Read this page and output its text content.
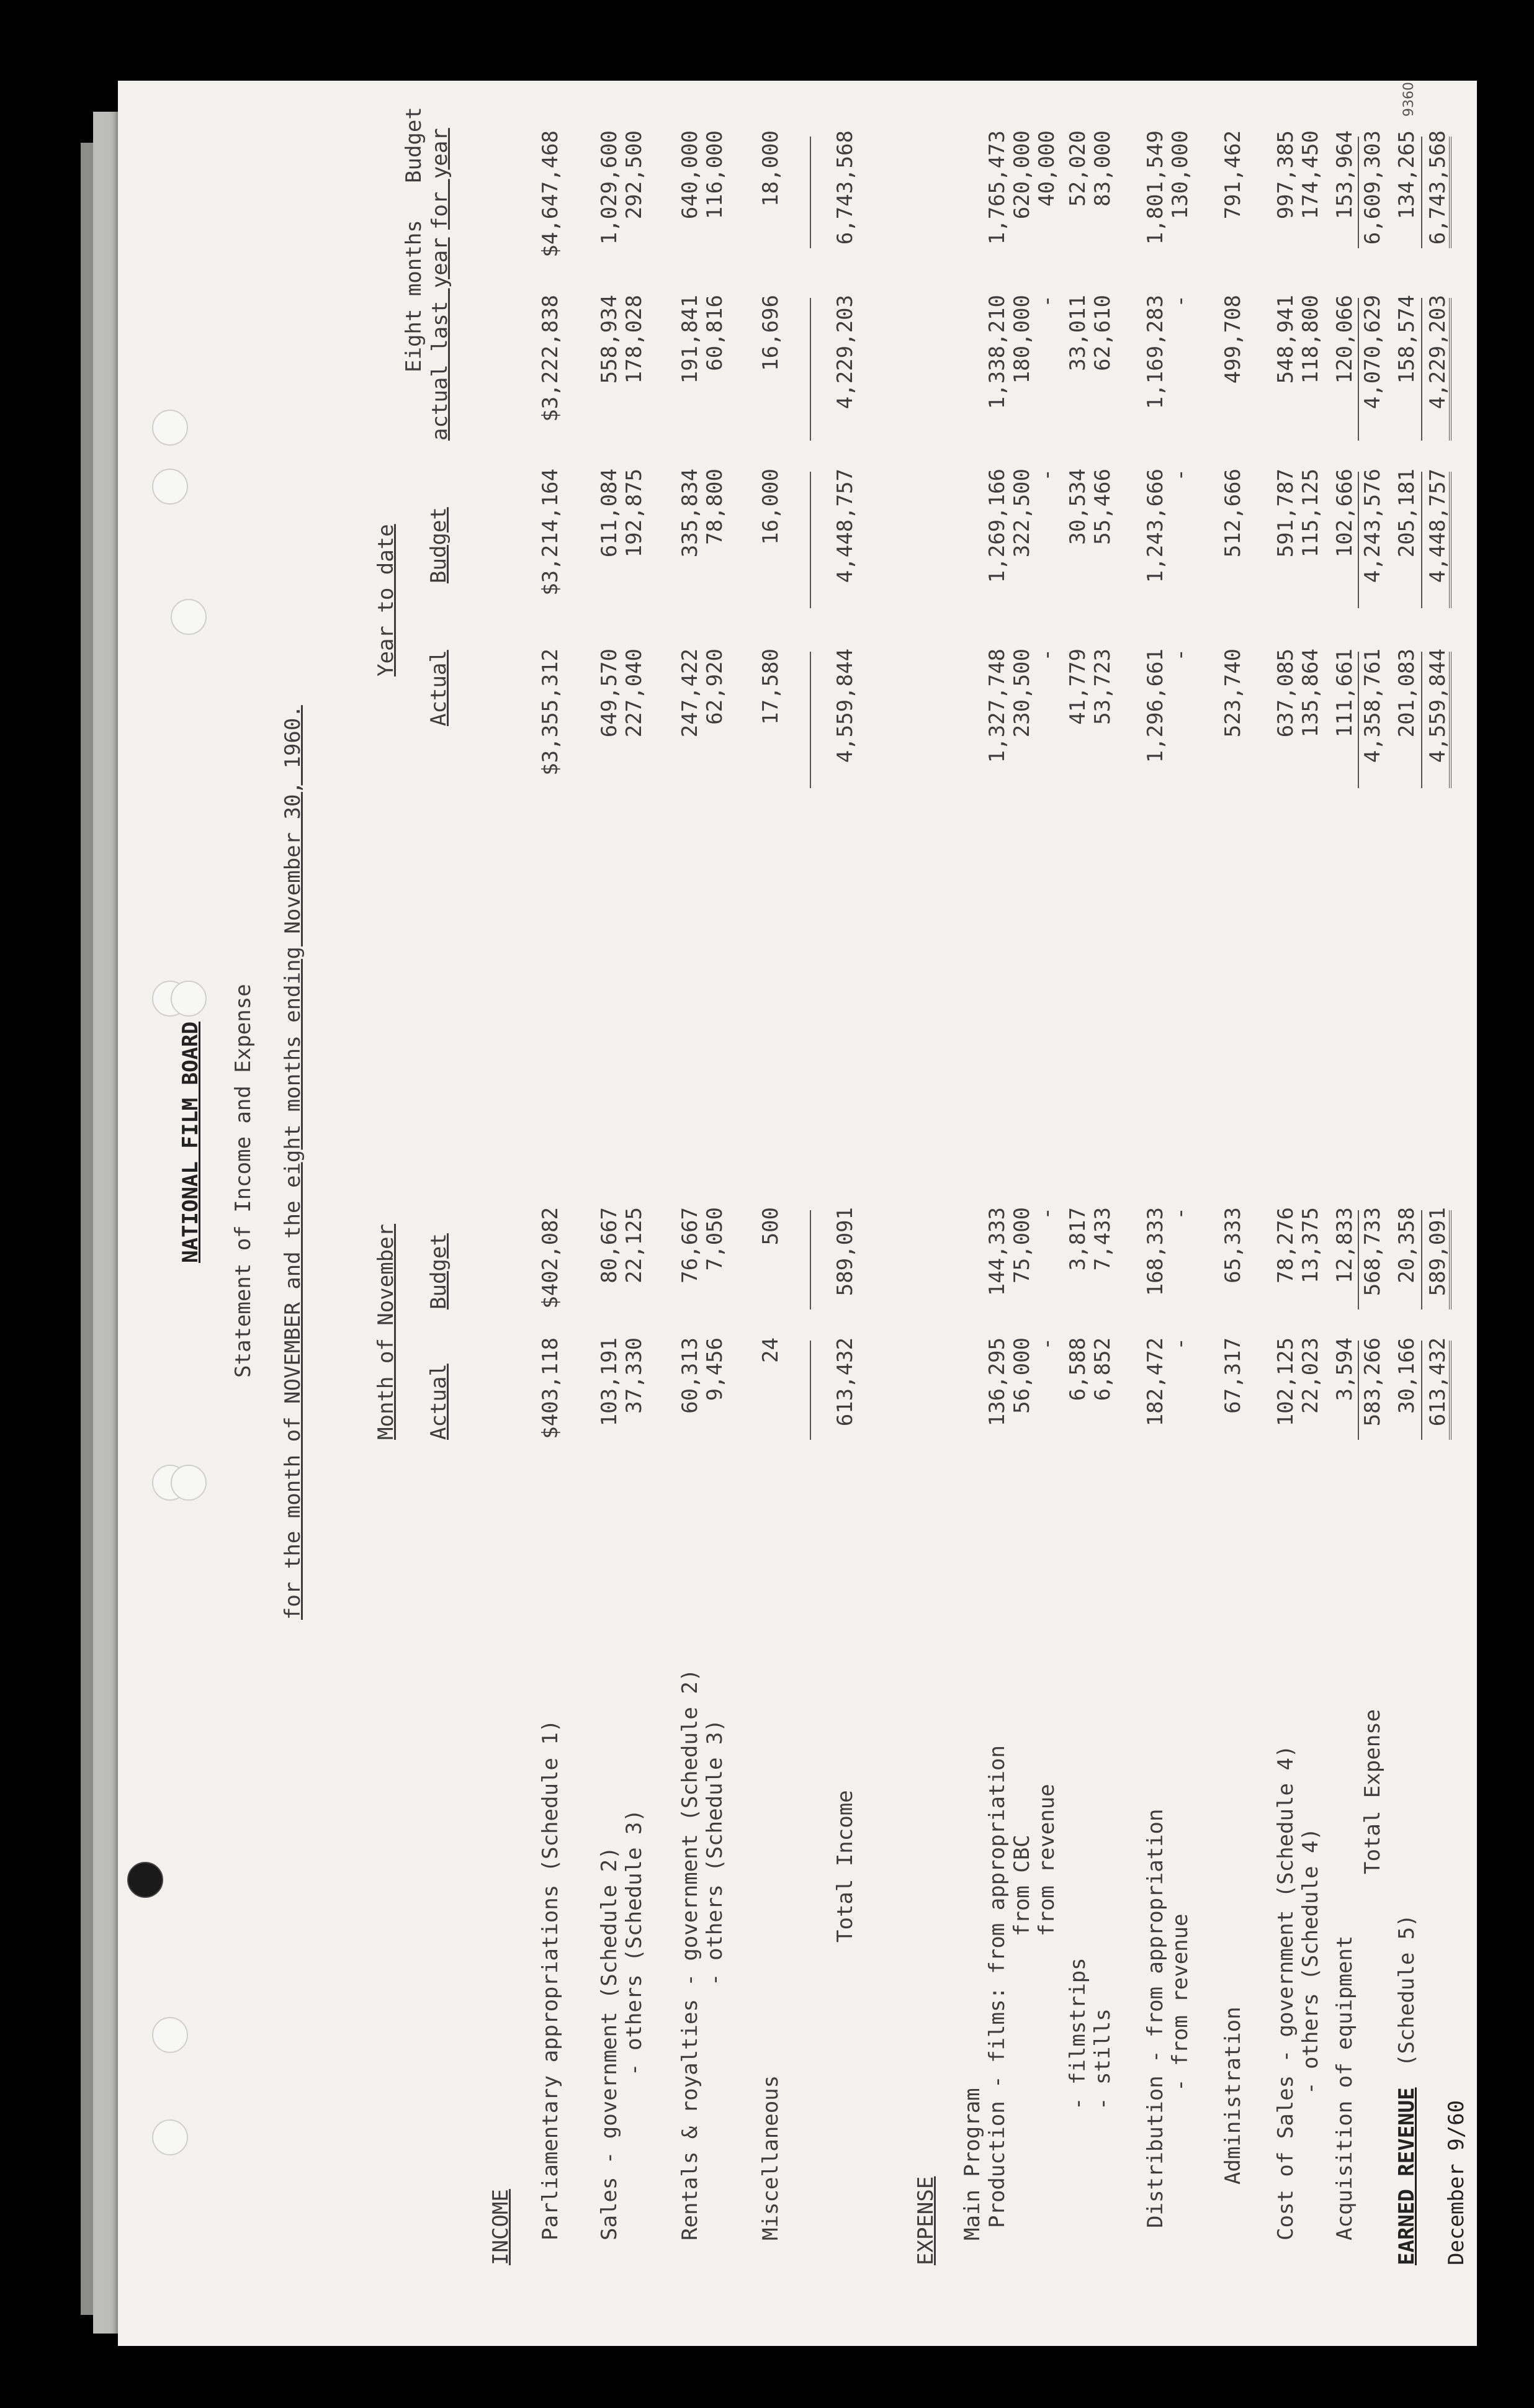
9360
NATIONAL FILM BOARD Statement of Income and Expense for the month of NOVEMBER and the eight months ending November 30, 1960.	Month of November
Year to date
Eight months actual last year
Budget for year
Actual
Budget
Actual
Budget
INCOME Parliamentary appropriations (Schedule 1) Sales - government (Schedule 2) - others (Schedule 3) Rentals & royalties - government (Schedule 2) - others (Schedule 3)
Miscellaneous
Total Income
EXPENSE Main Program Production - films: from appropriation from CBC from revenue
- filmstrips - stills Distribution - from appropriation - from revenue
Administration Cost of Sales - government (Schedule 4) - others (Schedule 4) Acquisition of equipment
Total Expense
EARNED REVENUE
(Schedule 5)
December 9/60
$403,118
$402,082
$3,355,312
$3,214,164
$3,222,838
$4,647,468
103,191
80,667
649,570
611,084
558,934
1,029,600
37,330
22,125
227,040
192,875
178,028
292,500
60,313
76,667
247,422
335,834
191,841
640,000
9,456
7,050
62,920
78,800
60,816
116,000
24
500
17,580
16,000
16,696
18,000
613,432
589,091
4,559,844
4,448,757
4,229,203
6,743,568
136,295
144,333
1,327,748
1,269,166
1,338,210
1,765,473
56,000
75,000
230,500
322,500
180,000
620,000
-
-
-
-
-
40,000
6,588
3,817
41,779
30,534
33,011
52,020
6,852
7,433
53,723
55,466
62,610
83,000
182,472
168,333
1,296,661
1,243,666
1,169,283
1,801,549
-
-
-
-
-
130,000
67,317
65,333
523,740
512,666
499,708
791,462
102,125
78,276
637,085
591,787
548,941
997,385
22,023
13,375
135,864
115,125
118,800
174,450
3,594
12,833
111,661
102,666
120,066
153,964
583,266
568,733
4,358,761
4,243,576
4,070,629
6,609,303
30,166
20,358
201,083
205,181
158,574
134,265
613,432
589,091
4,559,844
4,448,757
4,229,203
6,743,568
